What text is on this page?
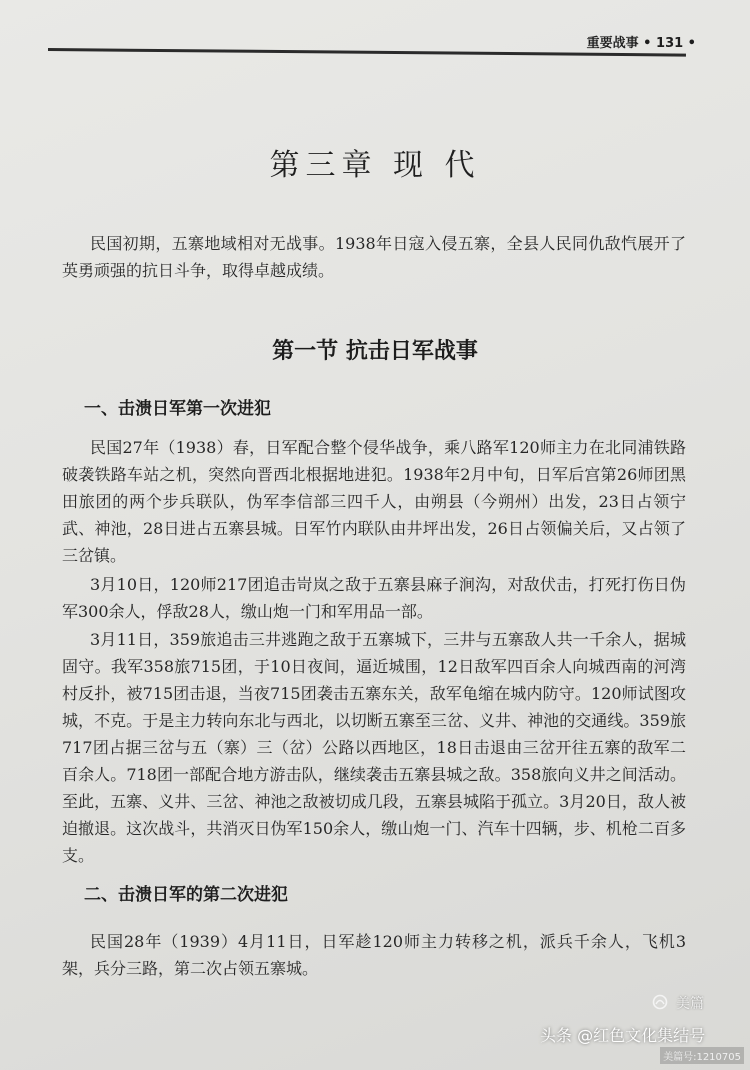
重要战事 • 131 •
第三章 现 代
民国初期，五寨地域相对无战事。1938年日寇入侵五寨，全县人民同仇敌忾展开了英勇顽强的抗日斗争，取得卓越成绩。
第一节 抗击日军战事
一、击溃日军第一次进犯
民国27年（1938）春，日军配合整个侵华战争，乘八路军120师主力在北同浦铁路破袭铁路车站之机，突然向晋西北根据地进犯。1938年2月中旬，日军后宫第26师团黑田旅团的两个步兵联队，伪军李信部三四千人，由朔县（今朔州）出发，23日占领宁武、神池，28日进占五寨县城。日军竹内联队由井坪出发，26日占领偏关后，又占领了三岔镇。
3月10日，120师217团追击岢岚之敌于五寨县麻子涧沟，对敌伏击，打死打伤日伪军300余人，俘敌28人，缴山炮一门和军用品一部。
3月11日，359旅追击三井逃跑之敌于五寨城下，三井与五寨敌人共一千余人，据城固守。我军358旅715团，于10日夜间，逼近城围，12日敌军四百余人向城西南的河湾村反扑，被715团击退，当夜715团袭击五寨东关，敌军龟缩在城内防守。120师试图攻城，不克。于是主力转向东北与西北，以切断五寨至三岔、义井、神池的交通线。359旅717团占据三岔与五（寨）三（岔）公路以西地区，18日击退由三岔开往五寨的敌军二百余人。718团一部配合地方游击队，继续袭击五寨县城之敌。358旅向义井之间活动。至此，五寨、义井、三岔、神池之敌被切成几段，五寨县城陷于孤立。3月20日，敌人被迫撤退。这次战斗，共消灭日伪军150余人，缴山炮一门、汽车十四辆，步、机枪二百多支。
二、击溃日军的第二次进犯
民国28年（1939）4月11日，日军趁120师主力转移之机，派兵千余人，飞机3架，兵分三路，第二次占领五寨城。
美篇
头条 @红色文化集结号
美篇号:1210705
